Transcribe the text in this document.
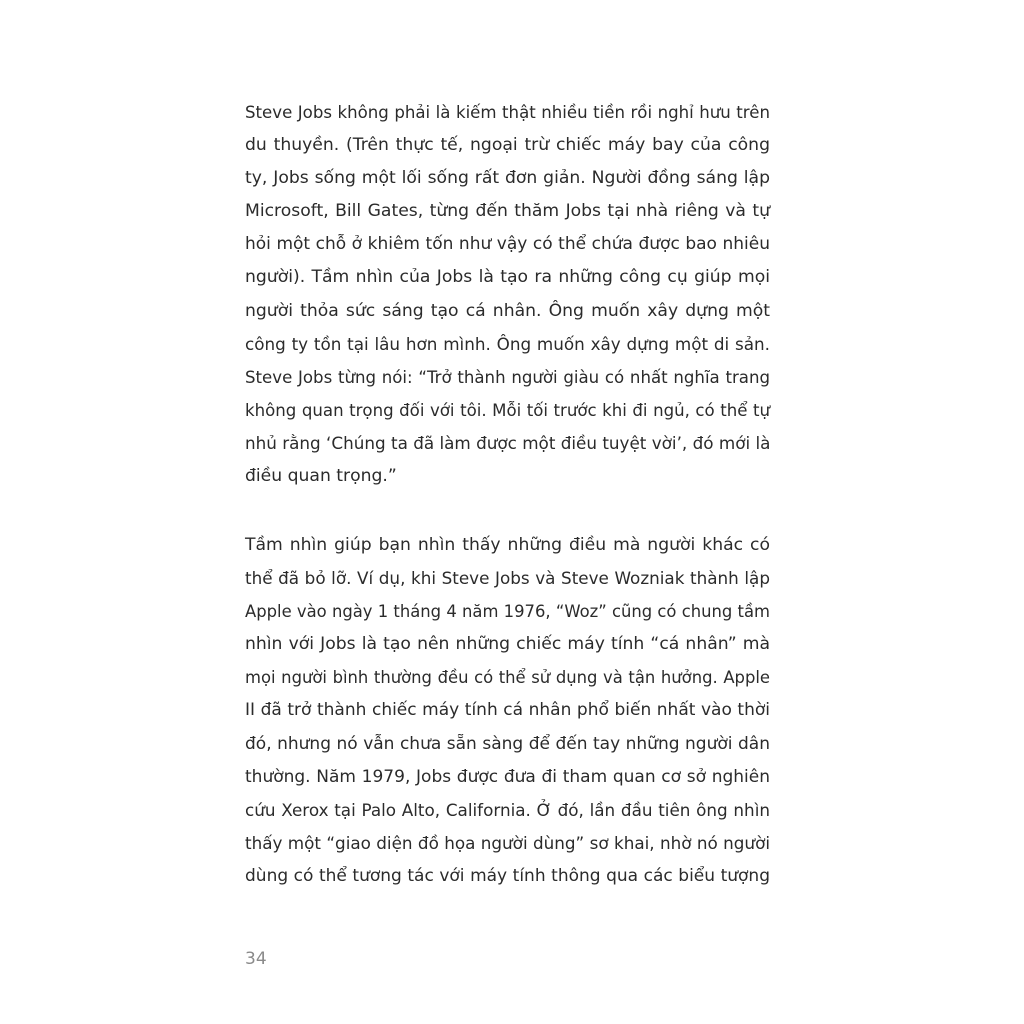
Steve Jobs không phải là kiếm thật nhiều tiền rồi nghỉ hưu trên
du thuyền. (Trên thực tế, ngoại trừ chiếc máy bay của công
ty, Jobs sống một lối sống rất đơn giản. Người đồng sáng lập
Microsoft, Bill Gates, từng đến thăm Jobs tại nhà riêng và tự
hỏi một chỗ ở khiêm tốn như vậy có thể chứa được bao nhiêu
người). Tầm nhìn của Jobs là tạo ra những công cụ giúp mọi
người thỏa sức sáng tạo cá nhân. Ông muốn xây dựng một
công ty tồn tại lâu hơn mình. Ông muốn xây dựng một di sản.
Steve Jobs từng nói: “Trở thành người giàu có nhất nghĩa trang
không quan trọng đối với tôi. Mỗi tối trước khi đi ngủ, có thể tự
nhủ rằng ‘Chúng ta đã làm được một điều tuyệt vời’, đó mới là
điều quan trọng.”
Tầm nhìn giúp bạn nhìn thấy những điều mà người khác có
thể đã bỏ lỡ. Ví dụ, khi Steve Jobs và Steve Wozniak thành lập
Apple vào ngày 1 tháng 4 năm 1976, “Woz” cũng có chung tầm
nhìn với Jobs là tạo nên những chiếc máy tính “cá nhân” mà
mọi người bình thường đều có thể sử dụng và tận hưởng. Apple
II đã trở thành chiếc máy tính cá nhân phổ biến nhất vào thời
đó, nhưng nó vẫn chưa sẵn sàng để đến tay những người dân
thường. Năm 1979, Jobs được đưa đi tham quan cơ sở nghiên
cứu Xerox tại Palo Alto, California. Ở đó, lần đầu tiên ông nhìn
thấy một “giao diện đồ họa người dùng” sơ khai, nhờ nó người
dùng có thể tương tác với máy tính thông qua các biểu tượng
34
